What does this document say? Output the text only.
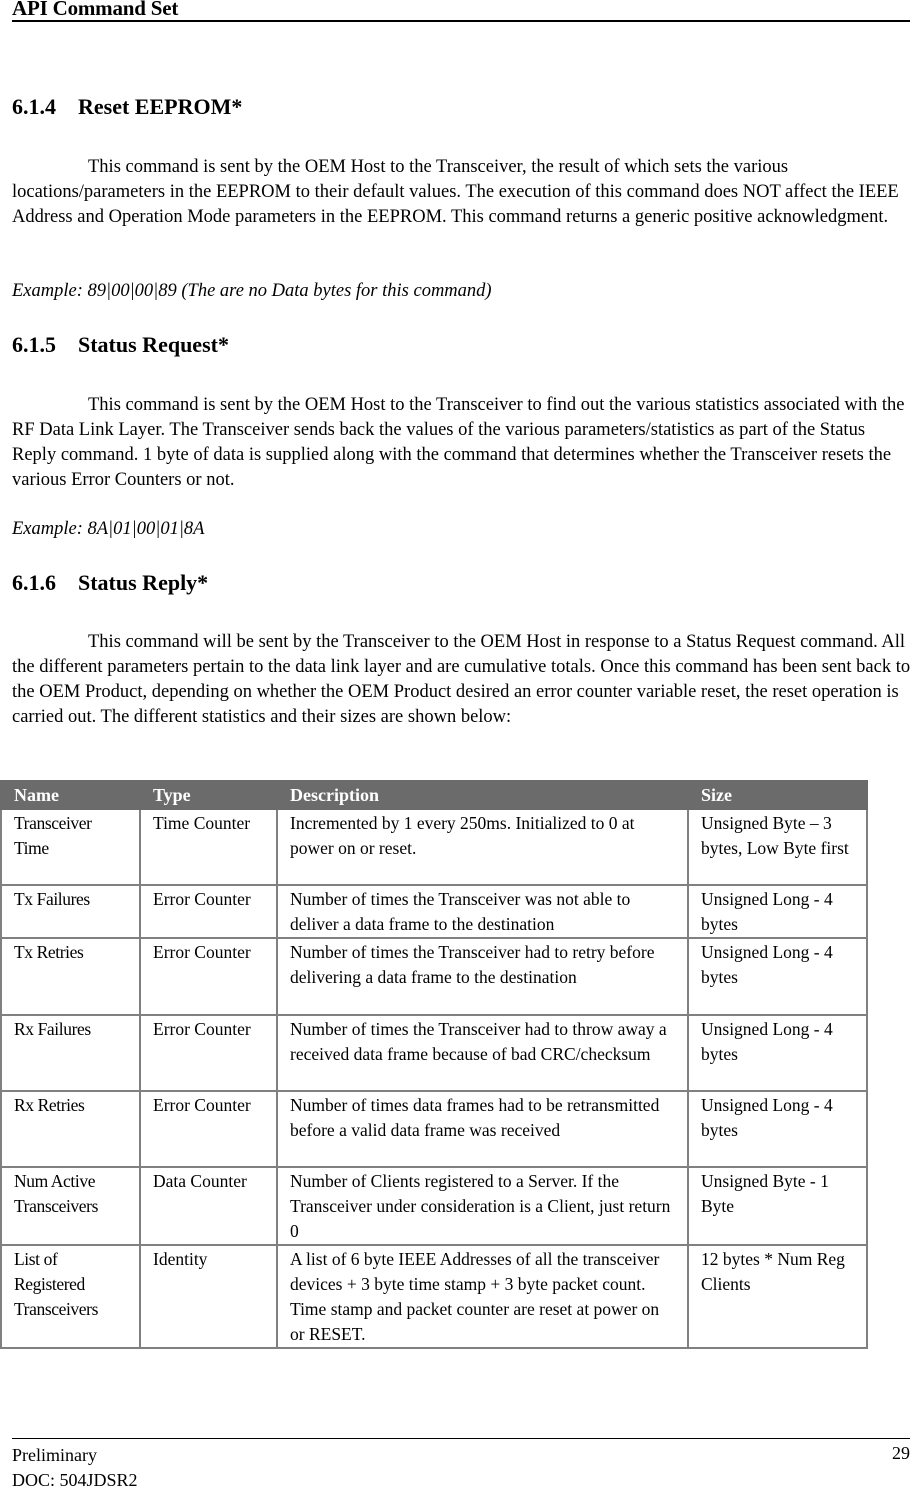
API Command Set
6.1.4 Reset EEPROM*
This command is sent by the OEM Host to the Transceiver, the result of which sets the various locations/parameters in the EEPROM to their default values. The execution of this command does NOT affect the IEEE Address and Operation Mode parameters in the EEPROM. This command returns a generic positive acknowledgment.
Example: 89|00|00|89 (The are no Data bytes for this command)
6.1.5 Status Request*
This command is sent by the OEM Host to the Transceiver to find out the various statistics associated with the RF Data Link Layer. The Transceiver sends back the values of the various parameters/statistics as part of the Status Reply command. 1 byte of data is supplied along with the command that determines whether the Transceiver resets the various Error Counters or not.
Example: 8A|01|00|01|8A
6.1.6 Status Reply*
This command will be sent by the Transceiver to the OEM Host in response to a Status Request command. All the different parameters pertain to the data link layer and are cumulative totals. Once this command has been sent back to the OEM Product, depending on whether the OEM Product desired an error counter variable reset, the reset operation is carried out. The different statistics and their sizes are shown below:
Name	Type	Description	Size
Transceiver Time	Time Counter	Incremented by 1 every 250ms. Initialized to 0 at power on or reset.	Unsigned Byte – 3 bytes, Low Byte first
Tx Failures	Error Counter	Number of times the Transceiver was not able to deliver a data frame to the destination	Unsigned Long - 4 bytes
Tx Retries	Error Counter	Number of times the Transceiver had to retry before delivering a data frame to the destination	Unsigned Long - 4 bytes
Rx Failures	Error Counter	Number of times the Transceiver had to throw away a received data frame because of bad CRC/checksum	Unsigned Long - 4 bytes
Rx Retries	Error Counter	Number of times data frames had to be retransmitted before a valid data frame was received	Unsigned Long - 4 bytes
Num Active Transceivers	Data Counter	Number of Clients registered to a Server. If the Transceiver under consideration is a Client, just return 0	Unsigned Byte - 1 Byte
List of Registered Transceivers	Identity	A list of 6 byte IEEE Addresses of all the transceiver devices + 3 byte time stamp + 3 byte packet count. Time stamp and packet counter are reset at power on or RESET.	12 bytes * Num Reg Clients
Preliminary
DOC: 504JDSR2
29
